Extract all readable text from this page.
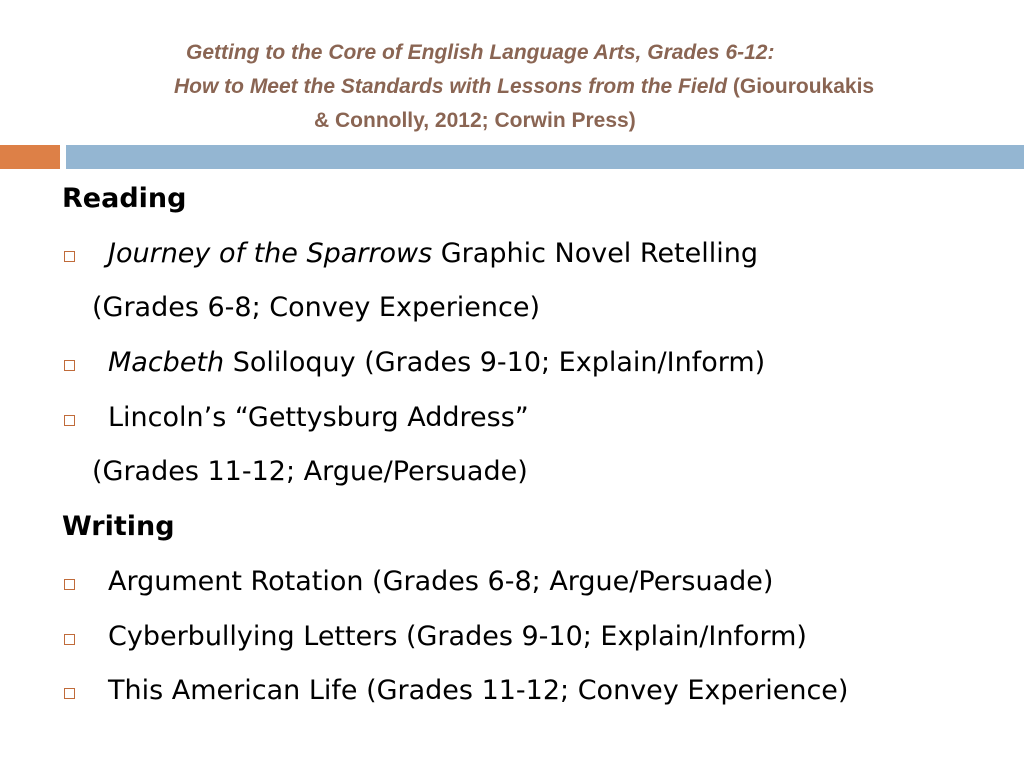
Getting to the Core of English Language Arts, Grades 6-12:
How to Meet the Standards with Lessons from the Field (Giouroukakis
& Connolly, 2012; Corwin Press)
Reading
Journey of the Sparrows Graphic Novel Retelling
(Grades 6-8; Convey Experience)
Macbeth Soliloquy (Grades 9-10; Explain/Inform)
Lincoln’s “Gettysburg Address”
(Grades 11-12; Argue/Persuade)
Writing
Argument Rotation (Grades 6-8; Argue/Persuade)
Cyberbullying Letters (Grades 9-10; Explain/Inform)
This American Life (Grades 11-12; Convey Experience)
